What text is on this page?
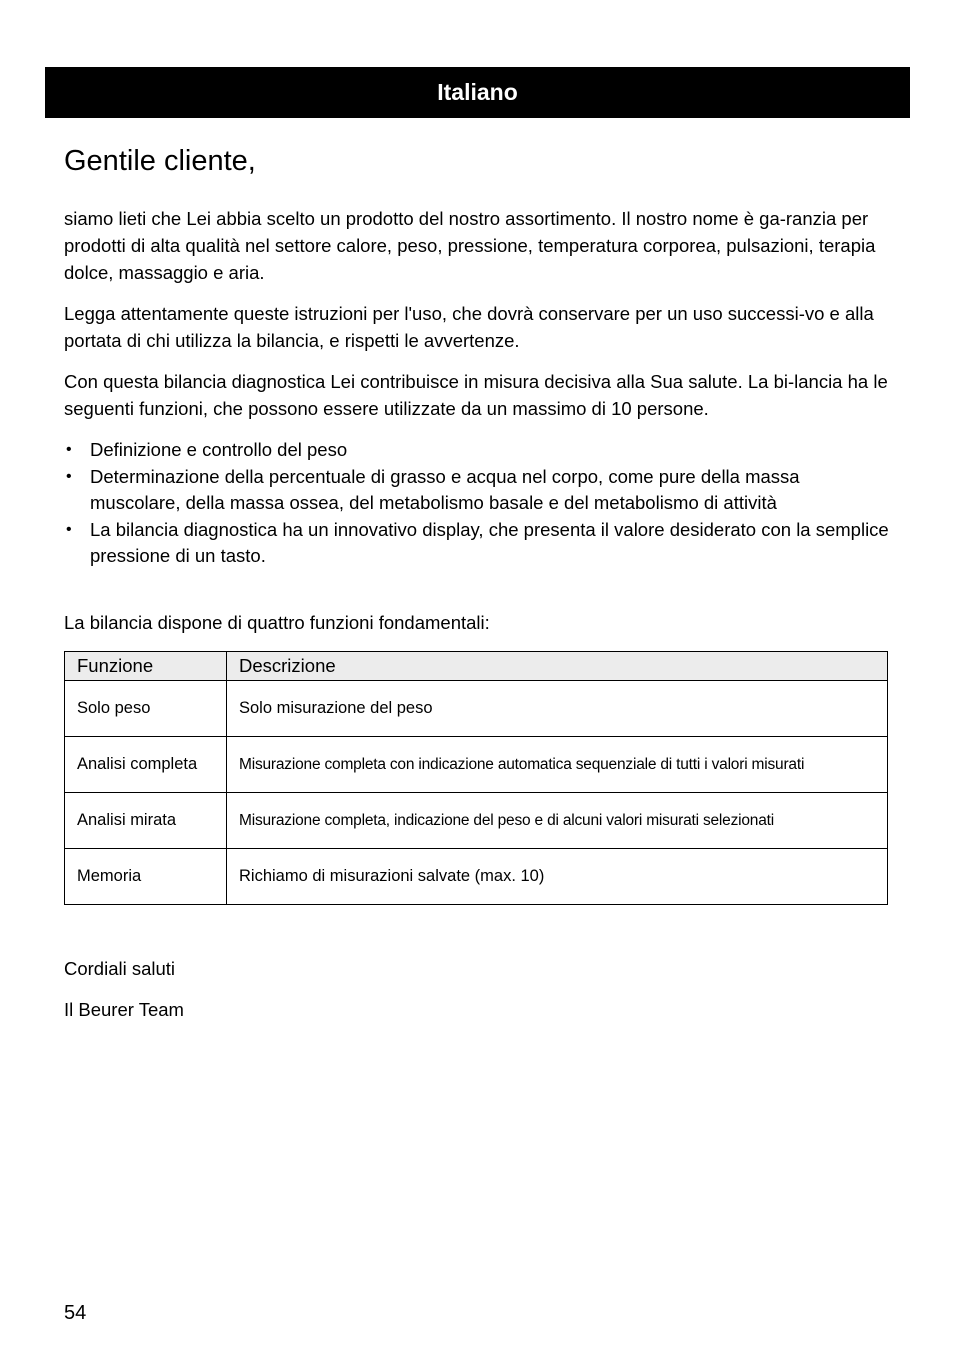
Italiano
Gentile cliente,

siamo lieti che Lei abbia scelto un prodotto del nostro assortimento. Il nostro nome è ga-ranzia per prodotti di alta qualità nel settore calore, peso, pressione, temperatura corporea, pulsazioni, terapia dolce, massaggio e aria.

Legga attentamente queste istruzioni per l'uso, che dovrà conservare per un uso successi-vo e alla portata di chi utilizza la bilancia, e rispetti le avvertenze.

Con questa bilancia diagnostica Lei contribuisce in misura decisiva alla Sua salute. La bi-lancia ha le seguenti funzioni, che possono essere utilizzate da un massimo di 10 persone.

• Definizione e controllo del peso
• Determinazione della percentuale di grasso e acqua nel corpo, come pure della massa muscolare, della massa ossea, del metabolismo basale e del metabolismo di attività
• La bilancia diagnostica ha un innovativo display, che presenta il valore desiderato con la semplice pressione di un tasto.

La bilancia dispone di quattro funzioni fondamentali:

Funzione	Descrizione
Solo peso	Solo misurazione del peso
Analisi completa	Misurazione completa con indicazione automatica sequenziale di tutti i valori misurati
Analisi mirata	Misurazione completa, indicazione del peso e di alcuni valori misurati selezionati
Memoria	Richiamo di misurazioni salvate (max. 10)

Cordiali saluti

Il Beurer Team

54
